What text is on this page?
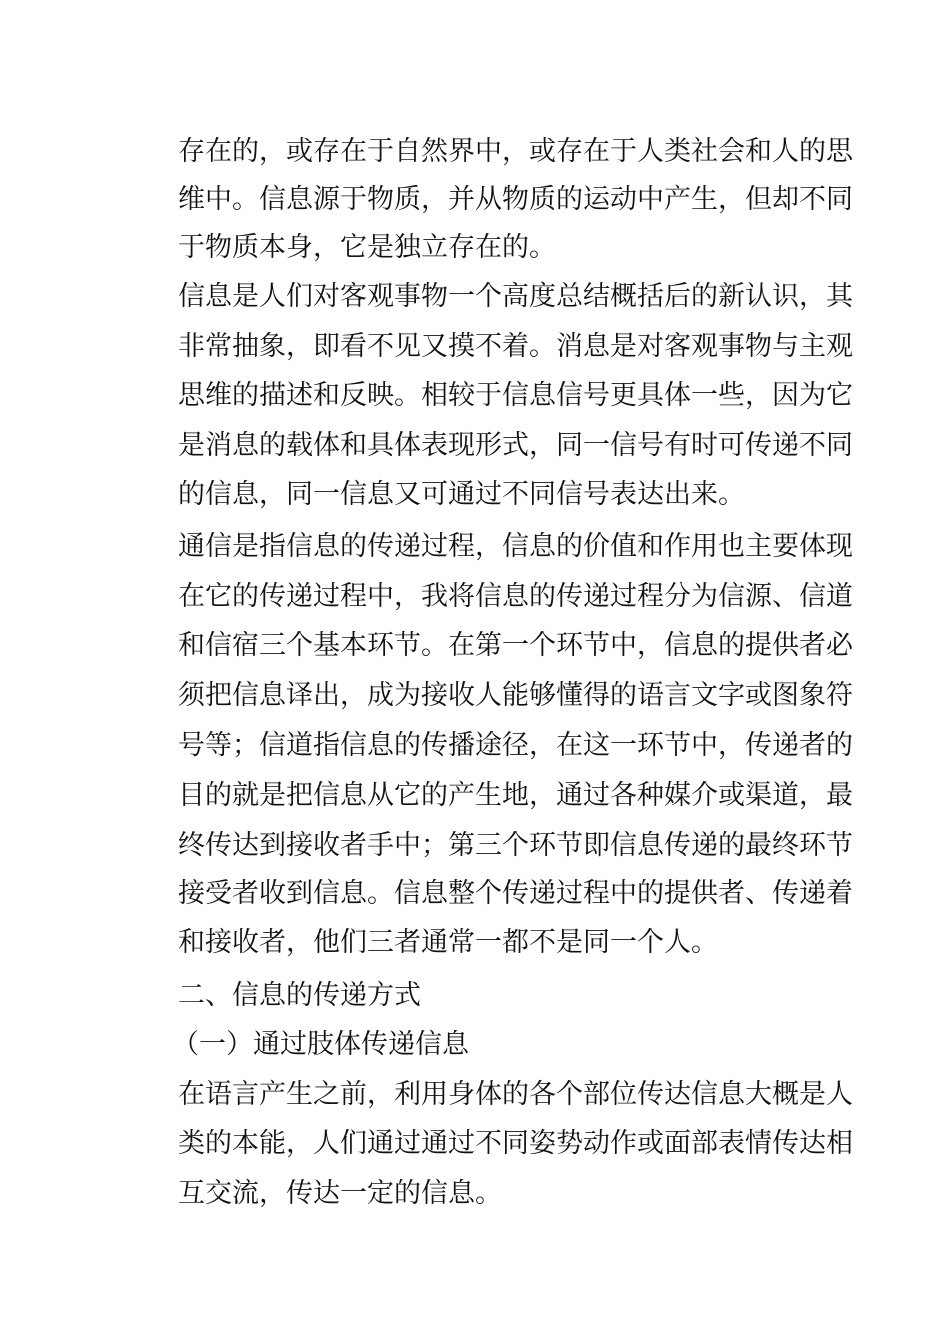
存在的，或存在于自然界中，或存在于人类社会和人的思
维中。信息源于物质，并从物质的运动中产生，但却不同
于物质本身，它是独立存在的。
信息是人们对客观事物一个高度总结概括后的新认识，其
非常抽象，即看不见又摸不着。消息是对客观事物与主观
思维的描述和反映。相较于信息信号更具体一些，因为它
是消息的载体和具体表现形式，同一信号有时可传递不同
的信息，同一信息又可通过不同信号表达出来。
通信是指信息的传递过程，信息的价值和作用也主要体现
在它的传递过程中，我将信息的传递过程分为信源、信道
和信宿三个基本环节。在第一个环节中，信息的提供者必
须把信息译出，成为接收人能够懂得的语言文字或图象符
号等；信道指信息的传播途径，在这一环节中，传递者的
目的就是把信息从它的产生地，通过各种媒介或渠道，最
终传达到接收者手中；第三个环节即信息传递的最终环节
接受者收到信息。信息整个传递过程中的提供者、传递着
和接收者，他们三者通常一都不是同一个人。
二、信息的传递方式
（一）通过肢体传递信息
在语言产生之前，利用身体的各个部位传达信息大概是人
类的本能，人们通过通过不同姿势动作或面部表情传达相
互交流，传达一定的信息。
